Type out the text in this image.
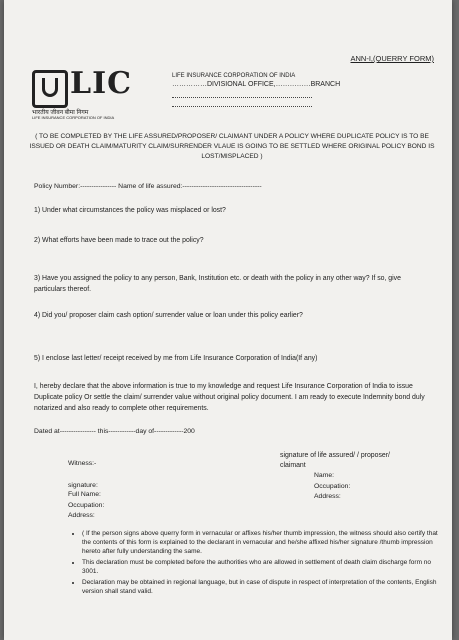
ANN-I,(QUERRY FORM)
LIC
भारतीय जीवन बीमा निगम
LIFE INSURANCE CORPORATION OF INDIA
LIFE INSURANCE CORPORATION OF INDIA
……………DIVISIONAL OFFICE,……………BRANCH
( TO BE COMPLETED BY THE LIFE ASSURED/PROPOSER/ CLAIMANT UNDER A POLICY WHERE DUPLICATE POLICY IS TO BE ISSUED OR DEATH CLAIM/MATURITY CLAIM/SURRENDER VLAUE IS GOING TO BE SETTLED WHERE ORIGINAL POLICY BOND IS LOST/MISPLACED )
Policy Number:---------------- Name of life assured:-----------------------------------
1) Under what circumstances the policy was misplaced or lost?
2) What efforts have been made to trace out the policy?
3) Have you assigned the policy to any person, Bank, Institution etc. or death with the policy in any other way? If so, give particulars thereof.
4) Did you/ proposer claim cash option/ surrender value or loan under this policy earlier?
5) I enclose last letter/ receipt received by me from Life Insurance Corporation of India(If any)
I, hereby declare that the above information is true to my knowledge and request Life Insurance Corporation of India to issue Duplicate policy Or settle the claim/ surrender value without original policy document. I am ready to execute Indemnity bond duly notarized and also ready to complete other requirements.
Dated at---------------- this------------day of-------------200
Witness:-
signature:
Full Name:
Occupation:
Address:
signature of life assured/ / proposer/ claimant
Name:
Occupation:
Address:
• ( If the person signs above querry form in vernacular or affixes his/her thumb impression, the witness should also certify that the contents of this form is explained to the declarant in vernacular and he/she affixed his/her signature /thumb impression hereto after fully understanding the same.
• This declaration must be completed before the authorities who are allowed in settlement of death claim discharge form no 3001.
• Declaration may be obtained in regional language, but in case of dispute in respect of interpretation of the contents, English version shall stand valid.
